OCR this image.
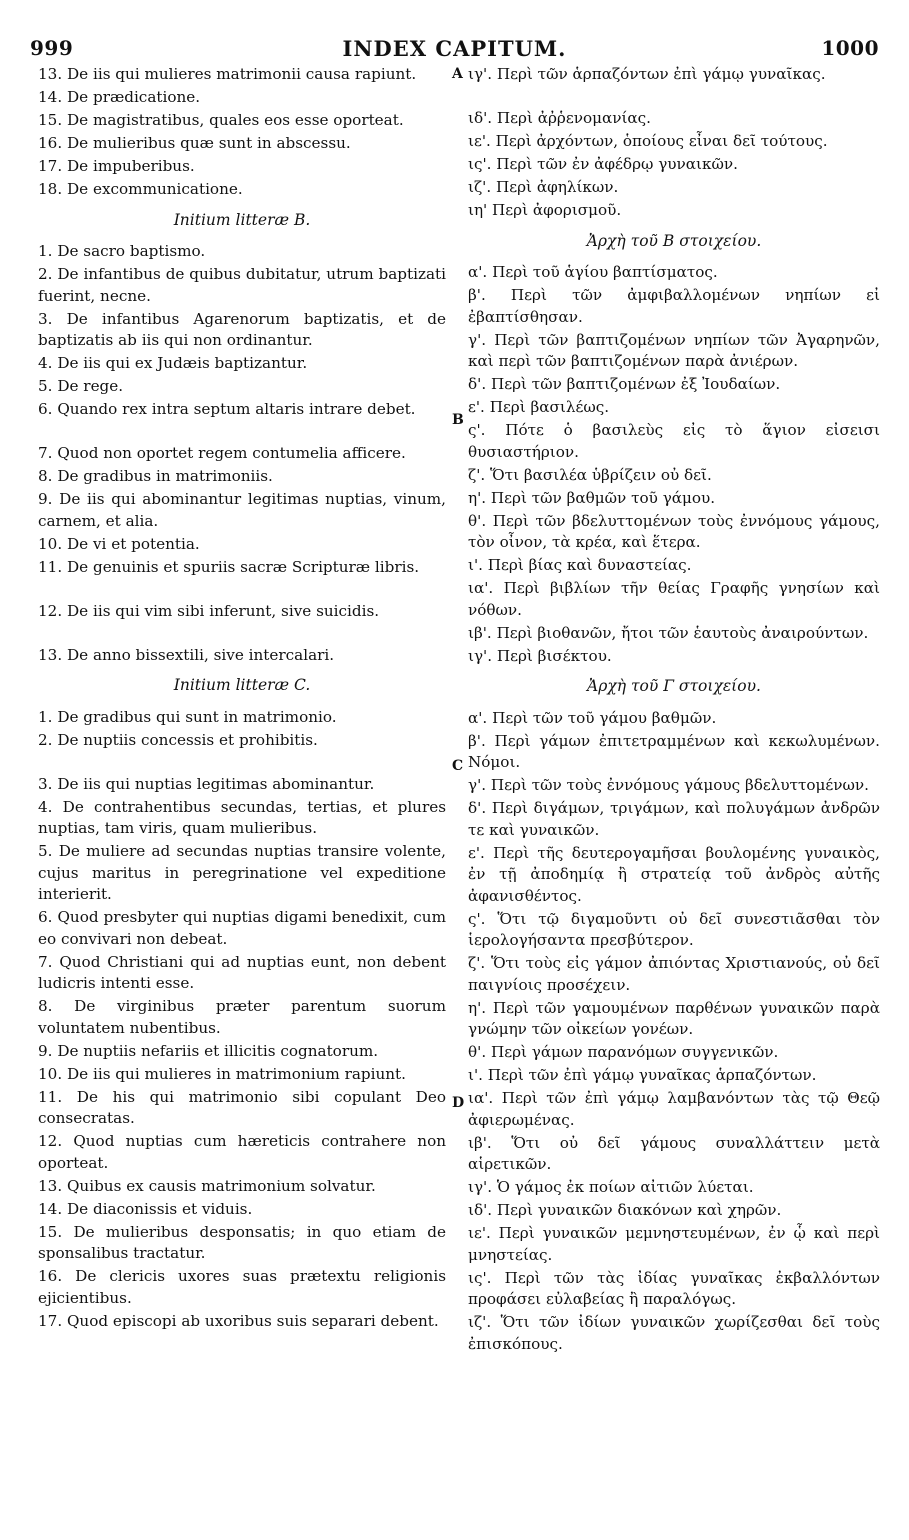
INDEX CAPITUM.
999	1000
A
B
C
D
13. De iis qui mulieres matrimonii causa rapiunt.
14. De prædicatione.
15. De magistratibus, quales eos esse oporteat.
16. De mulieribus quæ sunt in abscessu.
17. De impuberibus.
18. De excommunicatione.
Initium litteræ B.
1. De sacro baptismo.
2. De infantibus de quibus dubitatur, utrum baptizati fuerint, necne.
3. De infantibus Agarenorum baptizatis, et de baptizatis ab iis qui non ordinantur.
4. De iis qui ex Judæis baptizantur.
5. De rege.
6. Quando rex intra septum altaris intrare debet.
7. Quod non oportet regem contumelia afficere.
8. De gradibus in matrimoniis.
9. De iis qui abominantur legitimas nuptias, vinum, carnem, et alia.
10. De vi et potentia.
11. De genuinis et spuriis sacræ Scripturæ libris.
12. De iis qui vim sibi inferunt, sive suicidis.
13. De anno bissextili, sive intercalari.
Initium litteræ C.
1. De gradibus qui sunt in matrimonio.
2. De nuptiis concessis et prohibitis.
3. De iis qui nuptias legitimas abominantur.
4. De contrahentibus secundas, tertias, et plures nuptias, tam viris, quam mulieribus.
5. De muliere ad secundas nuptias transire volente, cujus maritus in peregrinatione vel expeditione interierit.
6. Quod presbyter qui nuptias digami benedixit, cum eo convivari non debeat.
7. Quod Christiani qui ad nuptias eunt, non debent ludicris intenti esse.
8. De virginibus præter parentum suorum voluntatem nubentibus.
9. De nuptiis nefariis et illicitis cognatorum.
10. De iis qui mulieres in matrimonium rapiunt.
11. De his qui matrimonio sibi copulant Deo consecratas.
12. Quod nuptias cum hæreticis contrahere non oporteat.
13. Quibus ex causis matrimonium solvatur.
14. De diaconissis et viduis.
15. De mulieribus desponsatis; in quo etiam de sponsalibus tractatur.
16. De clericis uxores suas prætextu religionis ejicientibus.
17. Quod episcopi ab uxoribus suis separari debent.
ιγ'. Περὶ τῶν ἁρπαζόντων ἐπὶ γάμῳ γυναῖκας.
ιδ'. Περὶ ἀῤῥενομανίας.
ιε'. Περὶ ἀρχόντων, ὁποίους εἶναι δεῖ τούτους.
ις'. Περὶ τῶν ἐν ἀφέδρῳ γυναικῶν.
ιζ'. Περὶ ἀφηλίκων.
ιη' Περὶ ἀφορισμοῦ.
Ἀρχὴ τοῦ Β στοιχείου.
α'. Περὶ τοῦ ἁγίου βαπτίσματος.
β'. Περὶ τῶν ἀμφιβαλλομένων νηπίων εἰ ἐβαπτίσθησαν.
γ'. Περὶ τῶν βαπτιζομένων νηπίων τῶν Ἀγαρηνῶν, καὶ περὶ τῶν βαπτιζομένων παρὰ ἀνιέρων.
δ'. Περὶ τῶν βαπτιζομένων ἐξ Ἰουδαίων.
ε'. Περὶ βασιλέως.
ς'. Πότε ὁ βασιλεὺς εἰς τὸ ἅγιον εἰσεισι θυσιαστήριον.
ζ'. Ὅτι βασιλέα ὑβρίζειν οὐ δεῖ.
η'. Περὶ τῶν βαθμῶν τοῦ γάμου.
θ'. Περὶ τῶν βδελυττομένων τοὺς ἐννόμους γάμους, τὸν οἶνον, τὰ κρέα, καὶ ἕτερα.
ι'. Περὶ βίας καὶ δυναστείας.
ια'. Περὶ βιβλίων τῆν θείας Γραφῆς γνησίων καὶ νόθων.
ιβ'. Περὶ βιοθανῶν, ἤτοι τῶν ἑαυτοὺς ἀναιρούντων.
ιγ'. Περὶ βισέκτου.
Ἀρχὴ τοῦ Γ στοιχείου.
α'. Περὶ τῶν τοῦ γάμου βαθμῶν.
β'. Περὶ γάμων ἐπιτετραμμένων καὶ κεκωλυμένων. Νόμοι.
γ'. Περὶ τῶν τοὺς ἐννόμους γάμους βδελυττομένων.
δ'. Περὶ διγάμων, τριγάμων, καὶ πολυγάμων ἀνδρῶν τε καὶ γυναικῶν.
ε'. Περὶ τῆς δευτερογαμῆσαι βουλομένης γυναικὸς, ἐν τῇ ἀποδημίᾳ ἢ στρατείᾳ τοῦ ἀνδρὸς αὐτῆς ἀφανισθέντος.
ς'. Ὅτι τῷ διγαμοῦντι οὐ δεῖ συνεστιᾶσθαι τὸν ἱερολογήσαντα πρεσβύτερον.
ζ'. Ὅτι τοὺς εἰς γάμον ἀπιόντας Χριστιανούς, οὐ δεῖ παιγνίοις προσέχειν.
η'. Περὶ τῶν γαμουμένων παρθένων γυναικῶν παρὰ γνώμην τῶν οἰκείων γονέων.
θ'. Περὶ γάμων παρανόμων συγγενικῶν.
ι'. Περὶ τῶν ἐπὶ γάμῳ γυναῖκας ἁρπαζόντων.
ια'. Περὶ τῶν ἐπὶ γάμῳ λαμβανόντων τὰς τῷ Θεῷ ἀφιερωμένας.
ιβ'. Ὅτι οὐ δεῖ γάμους συναλλάττειν μετὰ αἱρετικῶν.
ιγ'. Ὁ γάμος ἐκ ποίων αἰτιῶν λύεται.
ιδ'. Περὶ γυναικῶν διακόνων καὶ χηρῶν.
ιε'. Περὶ γυναικῶν μεμνηστευμένων, ἐν ᾧ καὶ περὶ μνηστείας.
ις'. Περὶ τῶν τὰς ἰδίας γυναῖκας ἐκβαλλόντων προφάσει εὐλαβείας ἢ παραλόγως.
ιζ'. Ὅτι τῶν ἰδίων γυναικῶν χωρίζεσθαι δεῖ τοὺς ἐπισκόπους.
